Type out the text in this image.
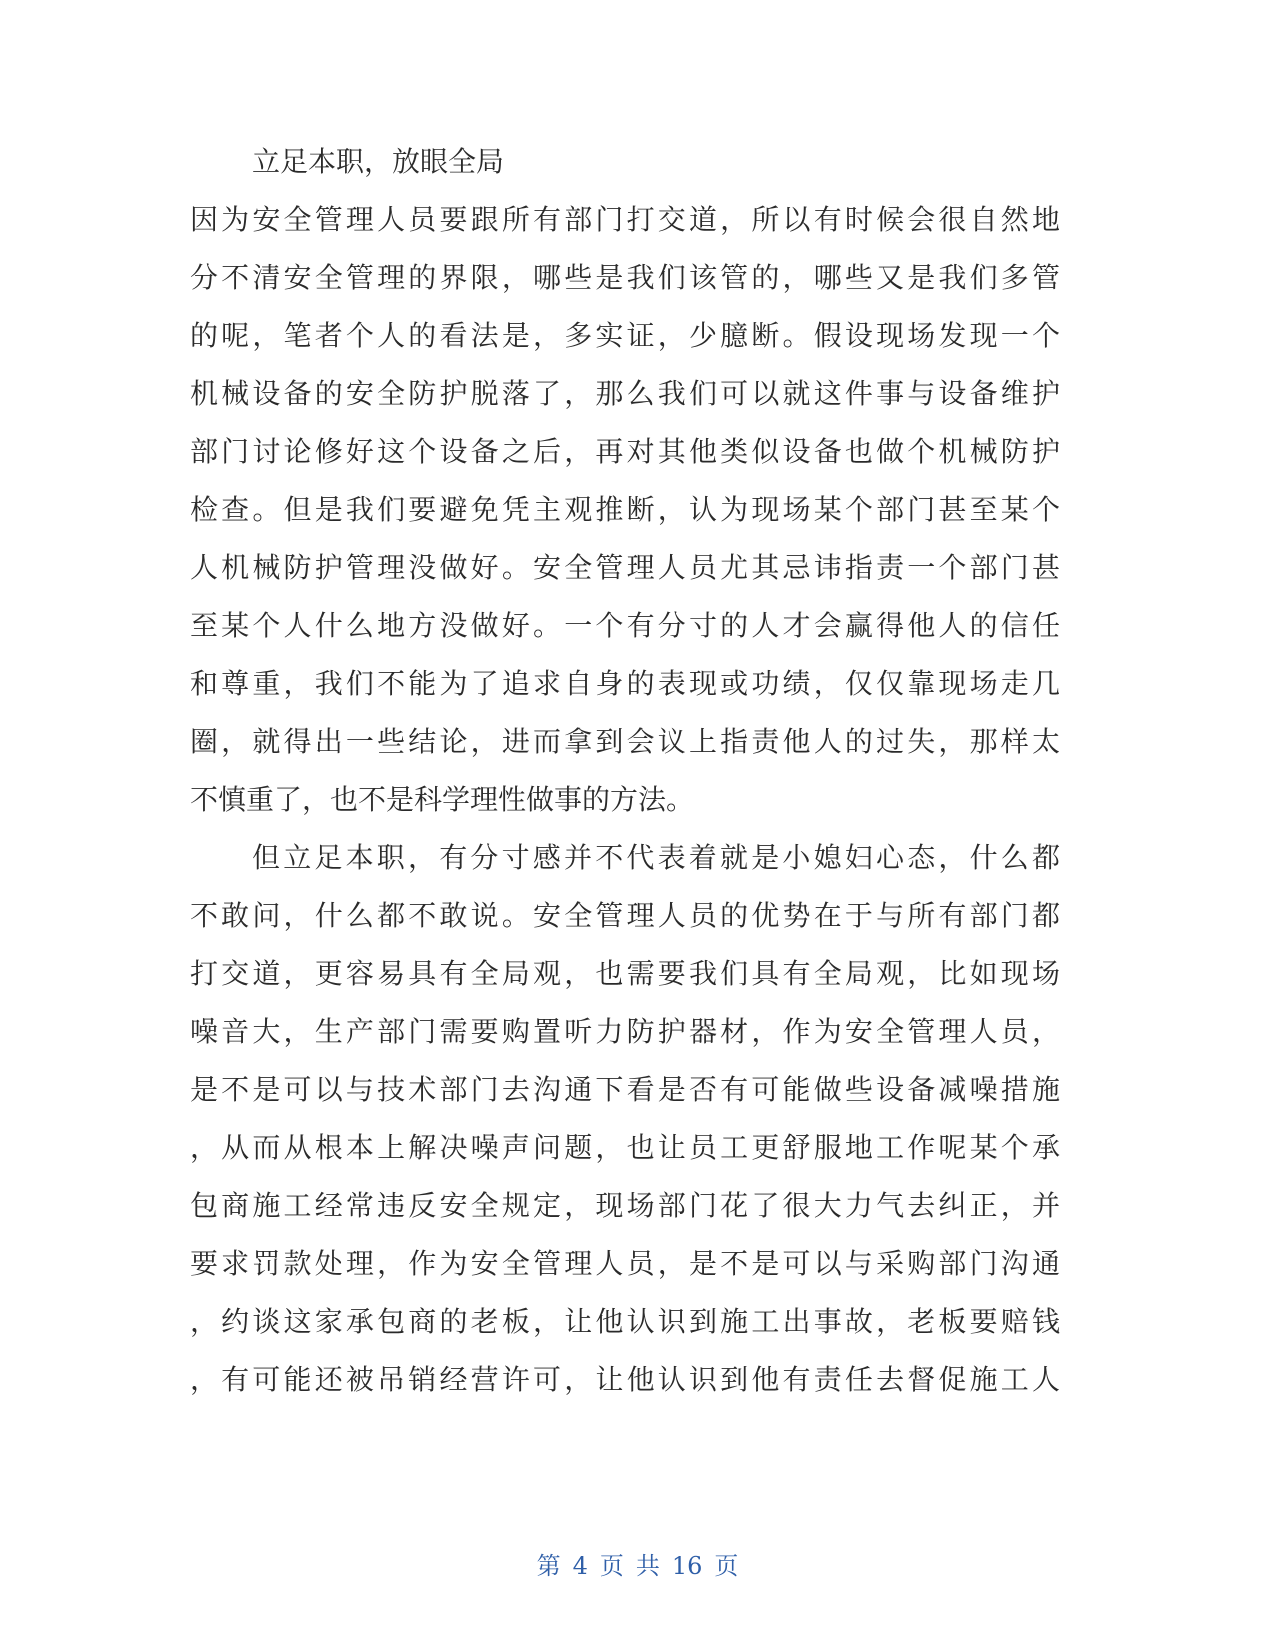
立足本职，放眼全局
因为安全管理人员要跟所有部门打交道，所以有时候会很自然地
分不清安全管理的界限，哪些是我们该管的，哪些又是我们多管
的呢，笔者个人的看法是，多实证，少臆断。假设现场发现一个
机械设备的安全防护脱落了，那么我们可以就这件事与设备维护
部门讨论修好这个设备之后，再对其他类似设备也做个机械防护
检查。但是我们要避免凭主观推断，认为现场某个部门甚至某个
人机械防护管理没做好。安全管理人员尤其忌讳指责一个部门甚
至某个人什么地方没做好。一个有分寸的人才会赢得他人的信任
和尊重，我们不能为了追求自身的表现或功绩，仅仅靠现场走几
圈，就得出一些结论，进而拿到会议上指责他人的过失，那样太
不慎重了，也不是科学理性做事的方法。
但立足本职，有分寸感并不代表着就是小媳妇心态，什么都
不敢问，什么都不敢说。安全管理人员的优势在于与所有部门都
打交道，更容易具有全局观，也需要我们具有全局观，比如现场
噪音大，生产部门需要购置听力防护器材，作为安全管理人员，
是不是可以与技术部门去沟通下看是否有可能做些设备减噪措施
，从而从根本上解决噪声问题，也让员工更舒服地工作呢某个承
包商施工经常违反安全规定，现场部门花了很大力气去纠正，并
要求罚款处理，作为安全管理人员，是不是可以与采购部门沟通
，约谈这家承包商的老板，让他认识到施工出事故，老板要赔钱
，有可能还被吊销经营许可，让他认识到他有责任去督促施工人
第 4 页 共 16 页
